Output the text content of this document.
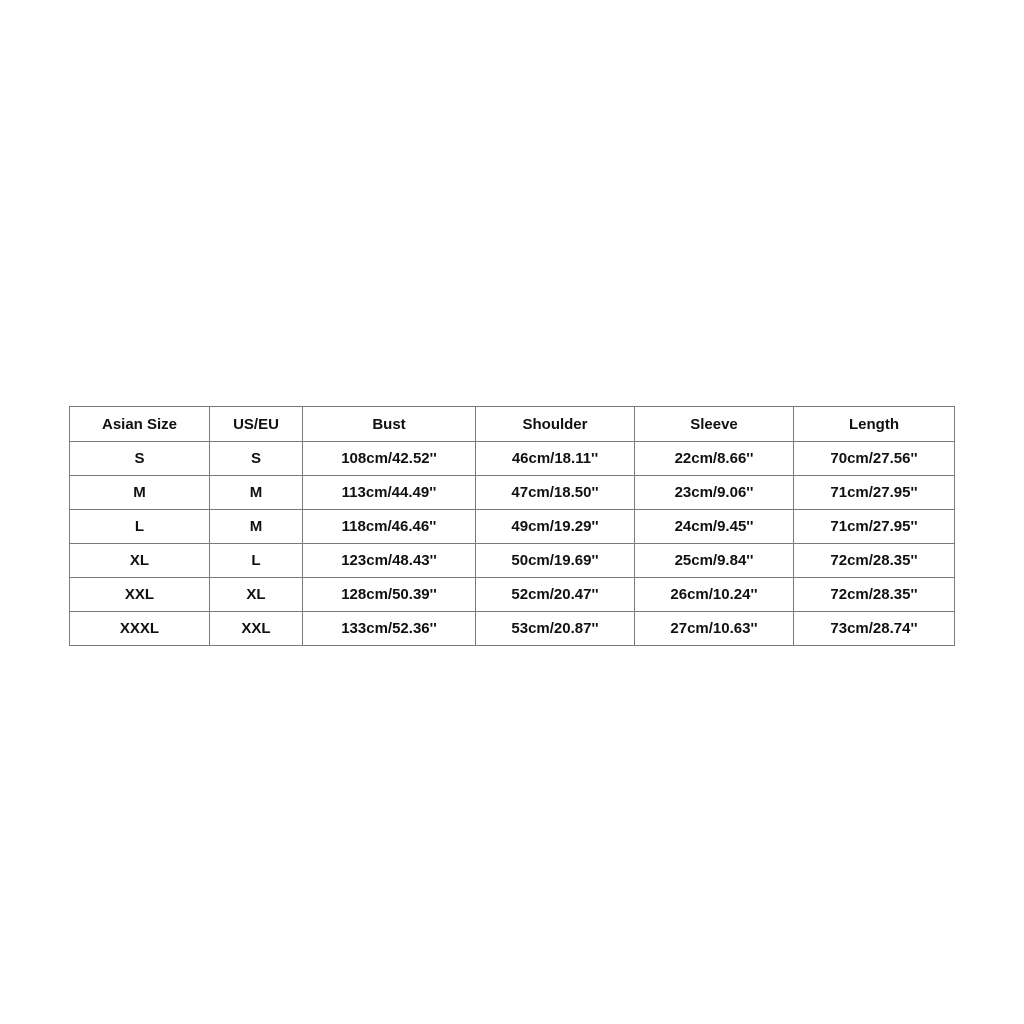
​
Asian Size	US/EU	Bust	Shoulder	Sleeve	Length
S	S	108cm/42.52''	46cm/18.11''	22cm/8.66''	70cm/27.56''
M	M	113cm/44.49''	47cm/18.50''	23cm/9.06''	71cm/27.95''
L	M	118cm/46.46''	49cm/19.29''	24cm/9.45''	71cm/27.95''
XL	L	123cm/48.43''	50cm/19.69''	25cm/9.84''	72cm/28.35''
XXL	XL	128cm/50.39''	52cm/20.47''	26cm/10.24''	72cm/28.35''
XXXL	XXL	133cm/52.36''	53cm/20.87''	27cm/10.63''	73cm/28.74''
